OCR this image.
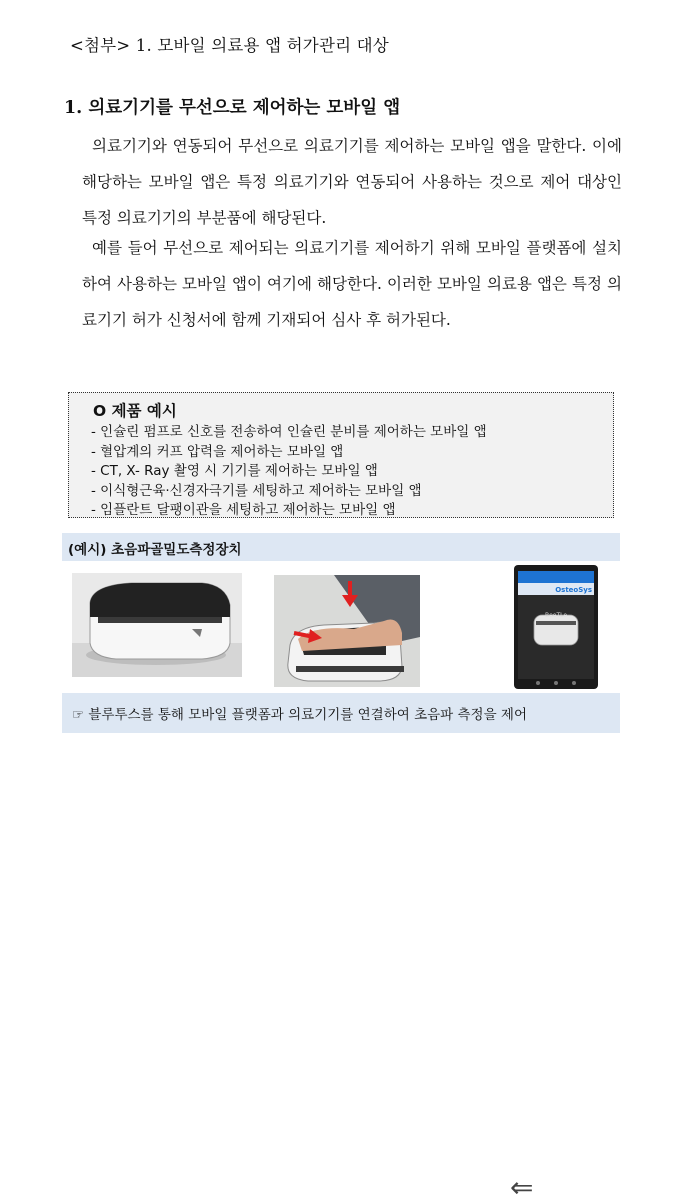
<첨부> 1. 모바일 의료용 앱 허가관리 대상
1. 의료기기를 무선으로 제어하는 모바일 앱

의료기기와 연동되어 무선으로 의료기기를 제어하는 모바일 앱을 말한다. 이에 해당하는 모바일 앱은 특정 의료기기와 연동되어 사용하는 것으로 제어 대상인 특정 의료기기의 부분품에 해당된다.

예를 들어 무선으로 제어되는 의료기기를 제어하기 위해 모바일 플랫폼에 설치하여 사용하는 모바일 앱이 여기에 해당한다. 이러한 모바일 의료용 앱은 특정 의료기기 허가 신청서에 함께 기재되어 심사 후 허가된다.

O 제품 예시
- 인슐린 펌프로 신호를 전송하여 인슐린 분비를 제어하는 모바일 앱
- 혈압계의 커프 압력을 제어하는 모바일 앱
- CT, X- Ray 촬영 시 기기를 제어하는 모바일 앱
- 이식형근육·신경자극기를 세팅하고 제어하는 모바일 앱
- 임플란트 달팽이관을 세팅하고 제어하는 모바일 앱
(예시) 초음파골밀도측정장치
⇐
OsteoSys
BeeTLe
☞ 블루투스를 통해 모바일 플랫폼과 의료기기를 연결하여 초음파 측정을 제어
